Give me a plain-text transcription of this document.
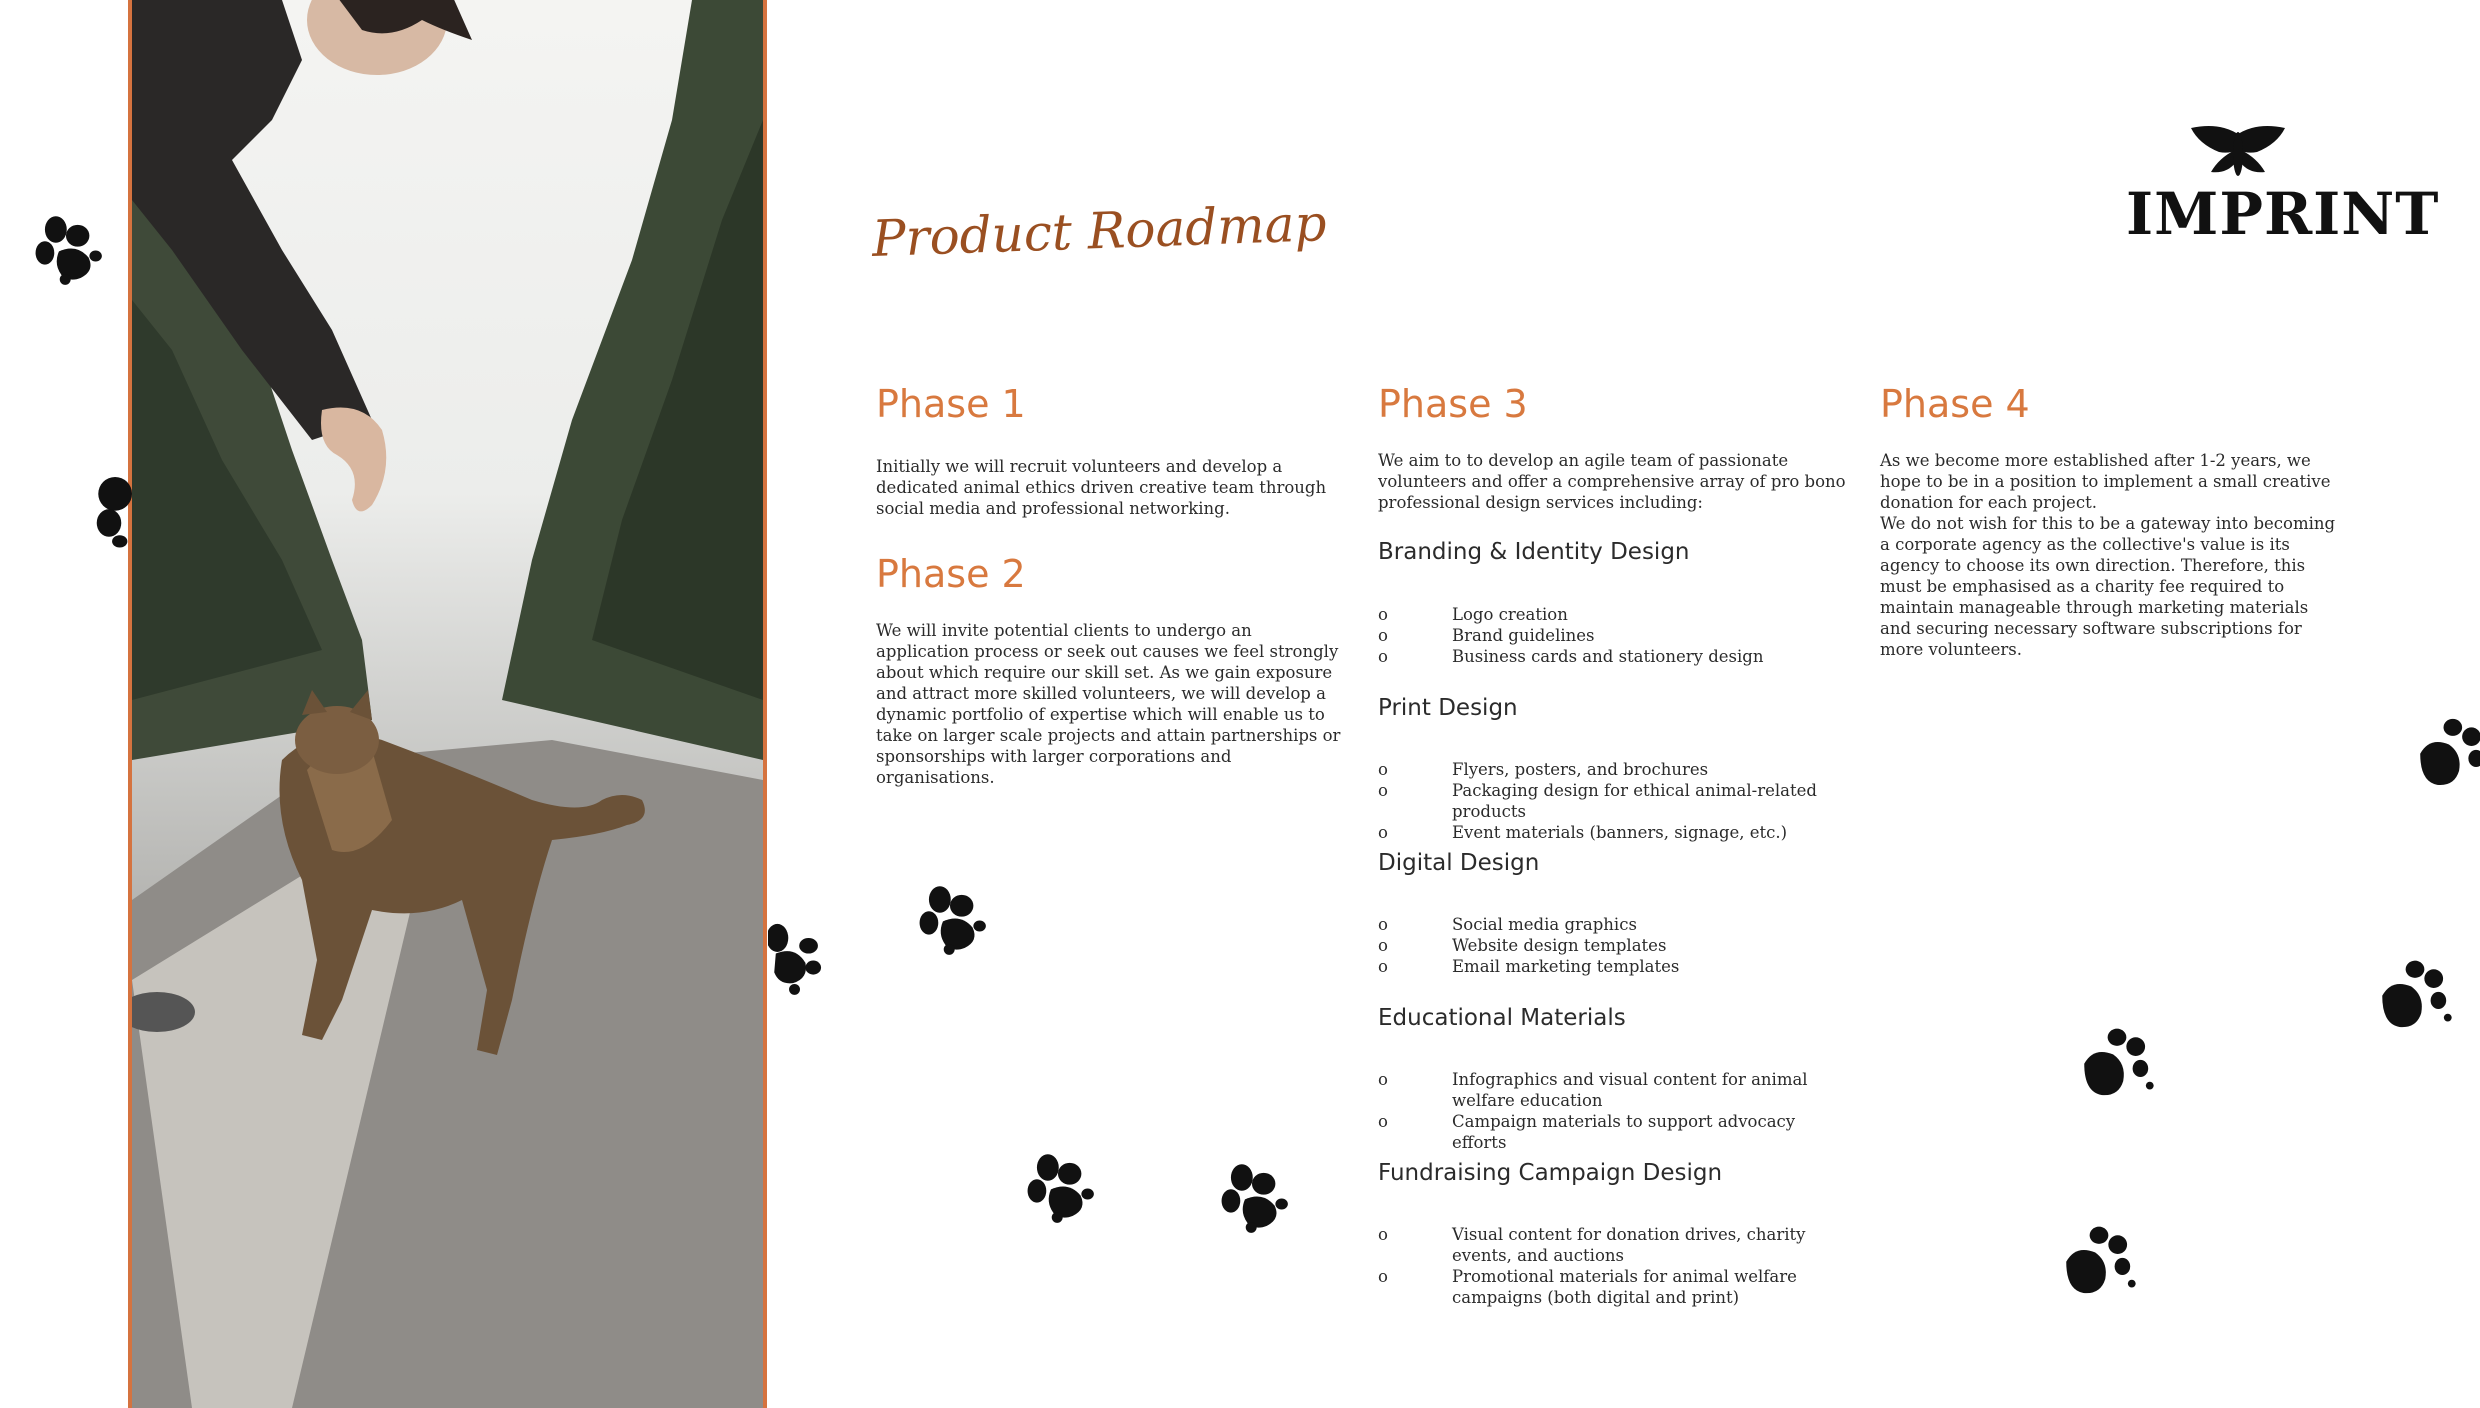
IMPRINT
Product Roadmap
Phase 1

Initially we will recruit volunteers and develop a dedicated animal ethics driven creative team through social media and professional networking.

Phase 2

We will invite potential clients to undergo an application process or seek out causes we feel strongly about which require our skill set. As we gain exposure and attract more skilled volunteers, we will develop a dynamic portfolio of expertise which will enable us to take on larger scale projects and attain partnerships or sponsorships with larger corporations and organisations.

Phase 3

We aim to to develop an agile team of passionate volunteers and offer a comprehensive array of pro bono professional design services including:

Branding & Identity Design
o	Logo creation
o	Brand guidelines
o	Business cards and stationery design
Print Design
o	Flyers, posters, and brochures
o	Packaging design for ethical animal-related products
o	Event materials (banners, signage, etc.)
Digital Design
o	Social media graphics
o	Website design templates
o	Email marketing templates
Educational Materials
o	Infographics and visual content for animal welfare education
o	Campaign materials to support advocacy efforts
Fundraising Campaign Design
o	Visual content for donation drives, charity events, and auctions
o	Promotional materials for animal welfare campaigns (both digital and print)
Phase 4

As we become more established after 1-2 years, we hope to be in a position to implement a small creative donation for each project.

We do not wish for this to be a gateway into becoming a corporate agency as the collective's value is its agency to choose its own direction. Therefore, this must be emphasised as a charity fee required to maintain manageable through marketing materials and securing necessary software subscriptions for more volunteers.
